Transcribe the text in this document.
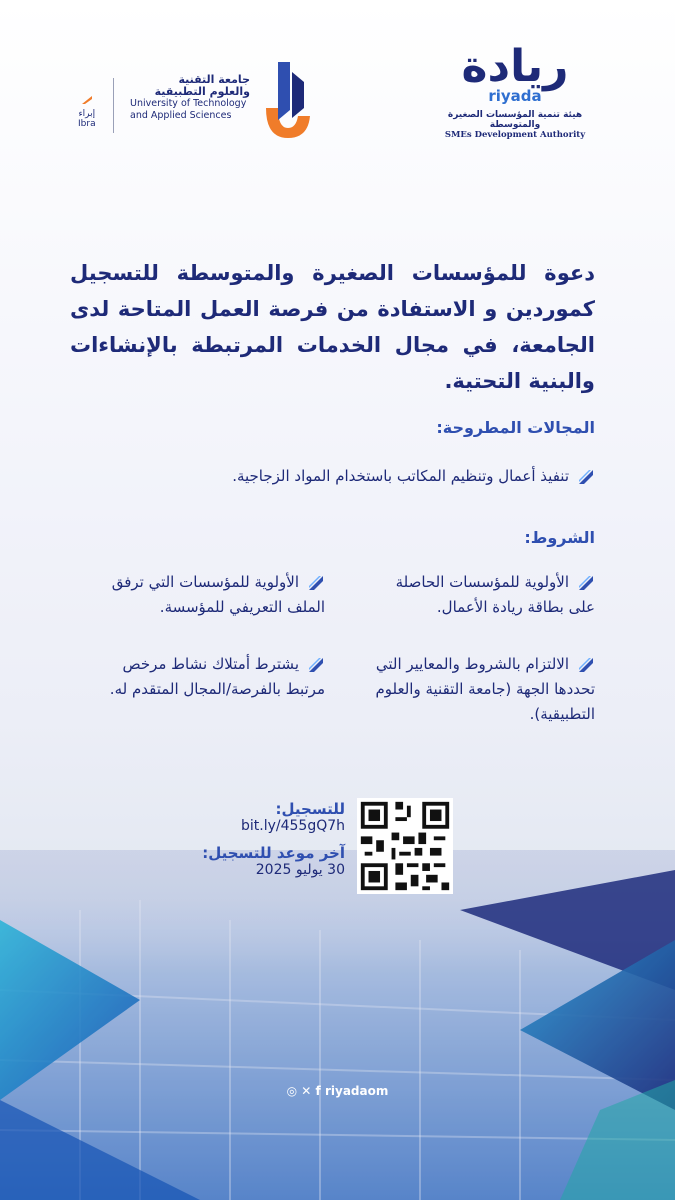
ريادة
riyada
هيئة تنمية المؤسسات الصغيرة والمتوسطة
SMEs Development Authority
جامعة التقنية
والعلوم التطبيقية
University of Technology
and Applied Sciences
إبراء
Ibra
دعوة للمؤسسات الصغيرة والمتوسطة للتسجيل كموردين و الاستفادة من فرصة العمل المتاحة لدى الجامعة، في مجال الخدمات المرتبطة بالإنشاءات والبنية التحتية.
المجالات المطروحة:
تنفيذ أعمال وتنظيم المكاتب باستخدام المواد الزجاجية.
الشروط:
الأولوية للمؤسسات الحاصلة على بطاقة ريادة الأعمال.
الأولوية للمؤسسات التي ترفق الملف التعريفي للمؤسسة.
الالتزام بالشروط والمعايير التي تحددها الجهة (جامعة التقنية والعلوم التطبيقية).
يشترط أمتلاك نشاط مرخص مرتبط بالفرصة/المجال المتقدم له.
للتسجيل:
bit.ly/455gQ7h
آخر موعد للتسجيل:
30 يوليو 2025
◎ ✕ f riyadaom
